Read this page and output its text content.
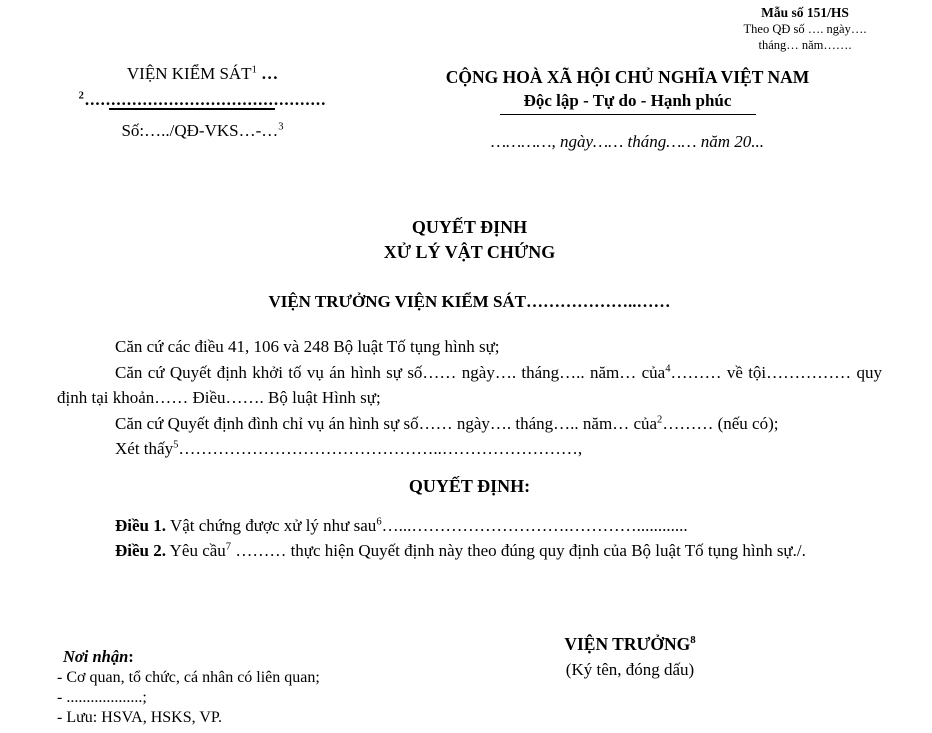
Mẫu số 151/HS
Theo QĐ số …. ngày….
tháng… năm…….
VIỆN KIỂM SÁT$^1$ …
$^2$..............................................
Số:…../QĐ-VKS…-…$^3$
CỘNG HOÀ XÃ HỘI CHỦ NGHĨA VIỆT NAM
Độc lập - Tự do - Hạnh phúc
…………, ngày…… tháng…… năm 20...
QUYẾT ĐỊNH
XỬ LÝ VẬT CHỨNG
VIỆN TRƯỞNG VIỆN KIỂM SÁT………………..……

Căn cứ các điều 41, 106 và 248 Bộ luật Tố tụng hình sự;

Căn cứ Quyết định khởi tố vụ án hình sự số…… ngày…. tháng….. năm… của$^4$……… về tội…………… quy định tại khoản…… Điều……. Bộ luật Hình sự;

Căn cứ Quyết định đình chỉ vụ án hình sự số…… ngày…. tháng….. năm… của$^2$……… (nếu có);

Xét thấy$^5$………………………………………..……………………,

QUYẾT ĐỊNH:

Điều 1. Vật chứng được xử lý như sau$^6$…...……………………….…………............

Điều 2. Yêu cầu$^7$ ……… thực hiện Quyết định này theo đúng quy định của Bộ luật Tố tụng hình sự./.

Nơi nhận:
- Cơ quan, tổ chức, cá nhân có liên quan;
- ...................;
- Lưu: HSVA, HSKS, VP.
VIỆN TRƯỞNG$^8$
(Ký tên, đóng dấu)
